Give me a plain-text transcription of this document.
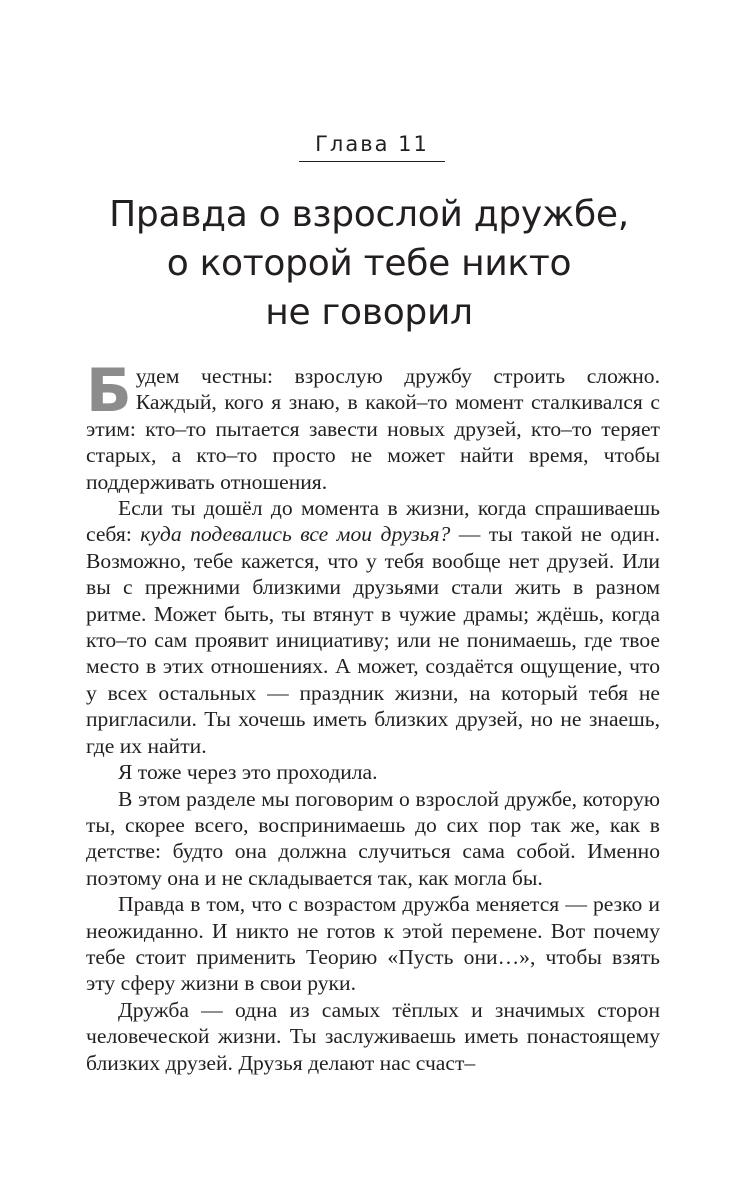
Глава 11
Правда о взрослой дружбе,
о которой тебе никто
не говорил

Будем честны: взрослую дружбу строить сложно. Каждый, кого я знаю, в какой–то момент сталкивался с этим: кто–то пытается завести новых друзей, кто–то теряет старых, а кто–то просто не может найти время, чтобы поддерживать отношения.

Если ты дошёл до момента в жизни, когда спрашиваешь себя: куда подевались все мои друзья? — ты такой не один. Возможно, тебе кажется, что у тебя вообще нет друзей. Или вы с прежними близкими друзьями стали жить в разном ритме. Может быть, ты втянут в чужие драмы; ждёшь, когда кто–то сам проявит инициативу; или не понимаешь, где твое место в этих отношениях. А может, создаётся ощущение, что у всех остальных — праздник жизни, на который тебя не пригласили. Ты хочешь иметь близких друзей, но не знаешь, где их найти.

Я тоже через это проходила.

В этом разделе мы поговорим о взрослой дружбе, которую ты, скорее всего, воспринимаешь до сих пор так же, как в детстве: будто она должна случиться сама собой. Именно поэтому она и не складывается так, как могла бы.

Правда в том, что с возрастом дружба меняется — резко и неожиданно. И никто не готов к этой перемене. Вот почему тебе стоит применить Теорию «Пусть они…», чтобы взять эту сферу жизни в свои руки.

Дружба — одна из самых тёплых и значимых сторон человеческой жизни. Ты заслуживаешь иметь понастоящему близких друзей. Друзья делают нас счаст–
